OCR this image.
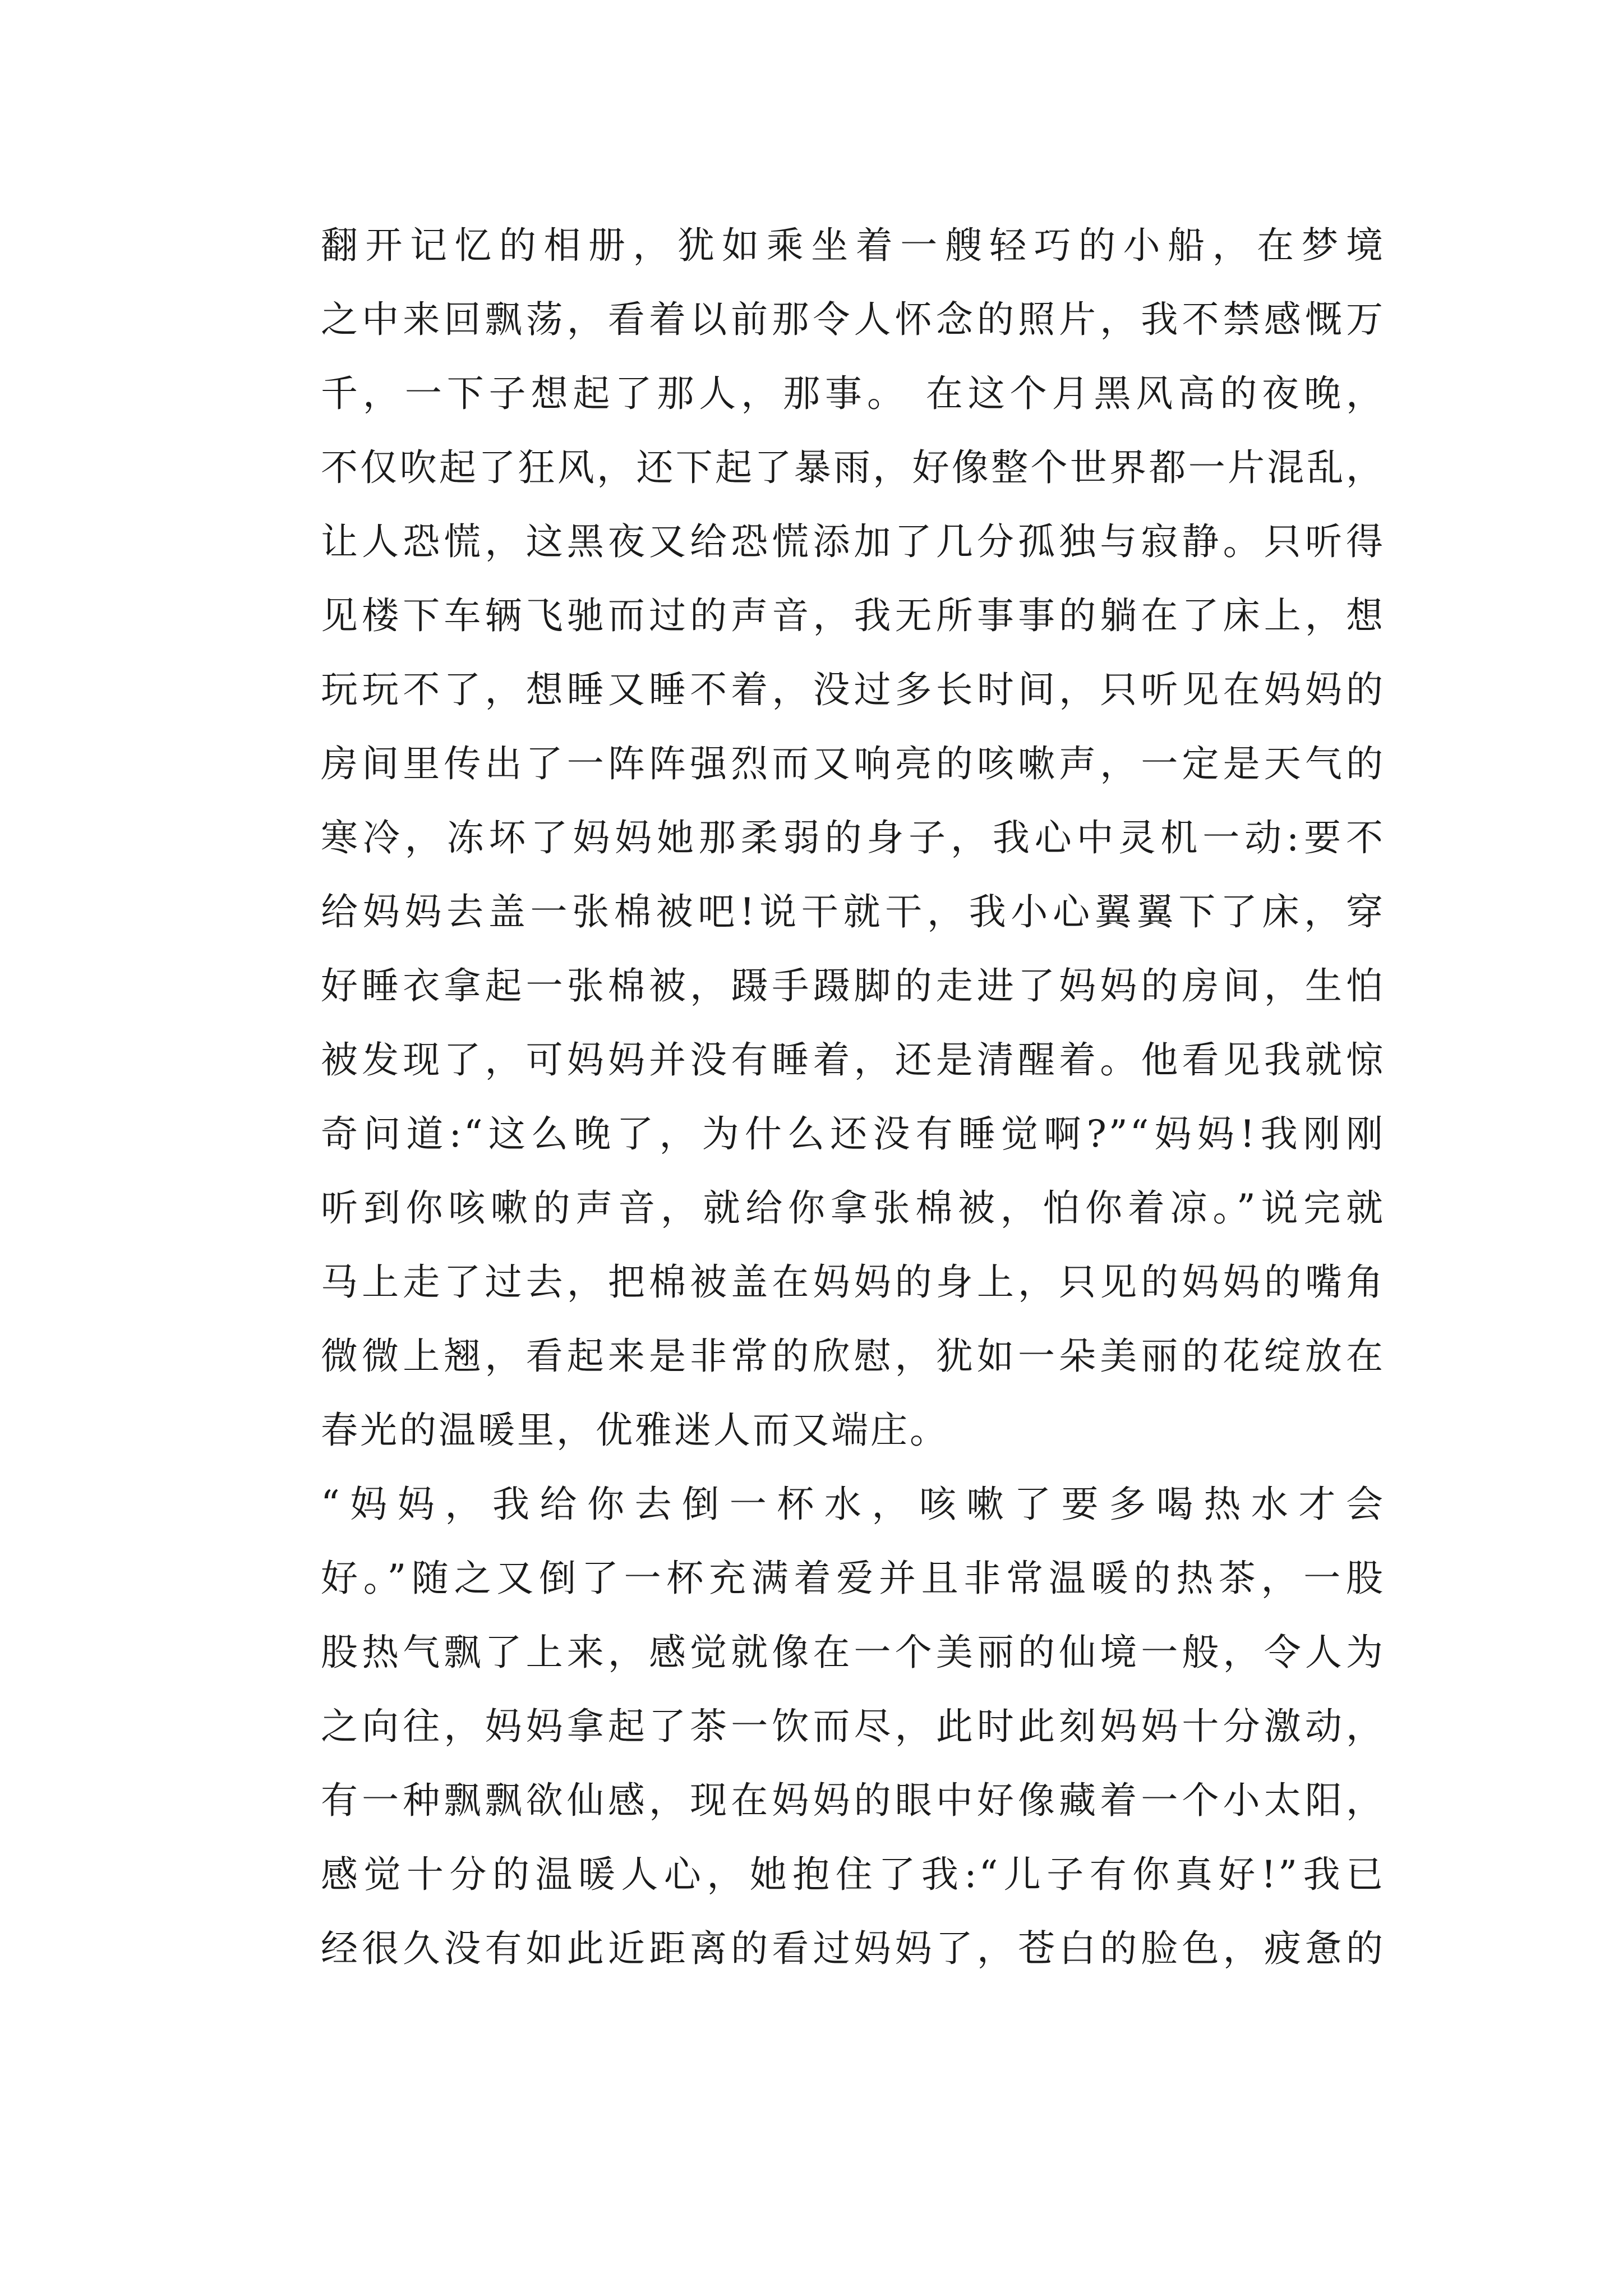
翻开记忆的相册，犹如乘坐着一艘轻巧的小船，在梦境
之中来回飘荡，看着以前那令人怀念的照片，我不禁感慨万
千，一下子想起了那人，那事。 在这个月黑风高的夜晚，
不仅吹起了狂风，还下起了暴雨，好像整个世界都一片混乱，
让人恐慌，这黑夜又给恐慌添加了几分孤独与寂静。只听得
见楼下车辆飞驰而过的声音，我无所事事的躺在了床上，想
玩玩不了，想睡又睡不着，没过多长时间，只听见在妈妈的
房间里传出了一阵阵强烈而又响亮的咳嗽声，一定是天气的
寒冷，冻坏了妈妈她那柔弱的身子，我心中灵机一动:要不
给妈妈去盖一张棉被吧!说干就干，我小心翼翼下了床，穿
好睡衣拿起一张棉被，蹑手蹑脚的走进了妈妈的房间，生怕
被发现了，可妈妈并没有睡着，还是清醒着。他看见我就惊
奇问道:“这么晚了，为什么还没有睡觉啊?”“妈妈!我刚刚
听到你咳嗽的声音，就给你拿张棉被，怕你着凉。”说完就
马上走了过去，把棉被盖在妈妈的身上，只见的妈妈的嘴角
微微上翘，看起来是非常的欣慰，犹如一朵美丽的花绽放在
春光的温暖里，优雅迷人而又端庄。
“妈妈，我给你去倒一杯水，咳嗽了要多喝热水才会
好。”随之又倒了一杯充满着爱并且非常温暖的热茶，一股
股热气飘了上来，感觉就像在一个美丽的仙境一般，令人为
之向往，妈妈拿起了茶一饮而尽，此时此刻妈妈十分激动，
有一种飘飘欲仙感，现在妈妈的眼中好像藏着一个小太阳，
感觉十分的温暖人心，她抱住了我:“儿子有你真好!”我已
经很久没有如此近距离的看过妈妈了，苍白的脸色，疲惫的
